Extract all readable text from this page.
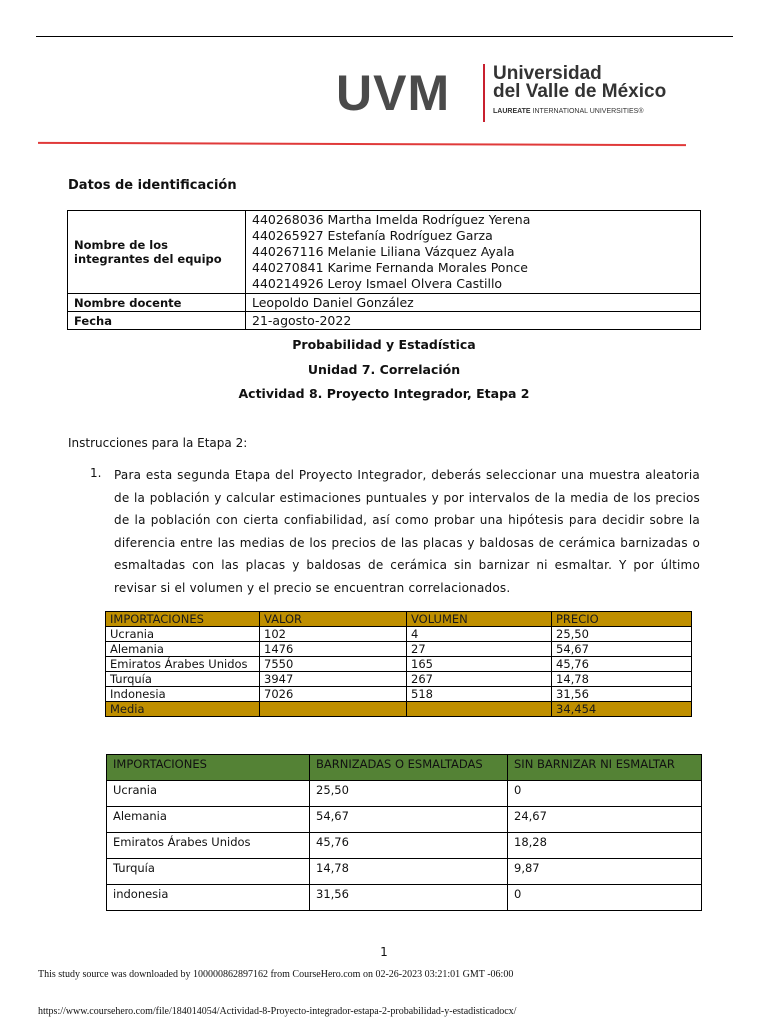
UVM Universidad
del Valle de México
LAUREATE INTERNATIONAL UNIVERSITIES®
Datos de identificación
Nombre de los integrantes del equipo	440268036 Martha Imelda Rodríguez Yerena
440265927 Estefanía Rodríguez Garza
440267116 Melanie Liliana Vázquez Ayala
440270841 Karime Fernanda Morales Ponce
440214926 Leroy Ismael Olvera Castillo

Nombre docente	Leopoldo Daniel González
Fecha	21-agosto-2022
Probabilidad y Estadística
Unidad 7. Correlación
Actividad 8. Proyecto Integrador, Etapa 2
Instrucciones para la Etapa 2:
1. Para esta segunda Etapa del Proyecto Integrador, deberás seleccionar una muestra aleatoria de la población y calcular estimaciones puntuales y por intervalos de la media de los precios de la población con cierta confiabilidad, así como probar una hipótesis para decidir sobre la diferencia entre las medias de los precios de las placas y baldosas de cerámica barnizadas o esmaltadas con las placas y baldosas de cerámica sin barnizar ni esmaltar. Y por último revisar si el volumen y el precio se encuentran correlacionados.
IMPORTACIONES	VALOR	VOLUMEN	PRECIO
Ucrania	102	4	25,50
Alemania	1476	27	54,67
Emiratos Árabes Unidos	7550	165	45,76
Turquía	3947	267	14,78
Indonesia	7026	518	31,56
Media			34,454
IMPORTACIONES	BARNIZADAS O ESMALTADAS	SIN BARNIZAR NI ESMALTAR
Ucrania	25,50	0
Alemania	54,67	24,67
Emiratos Árabes Unidos	45,76	18,28
Turquía	14,78	9,87
indonesia	31,56	0
1
This study source was downloaded by 100000862897162 from CourseHero.com on 02-26-2023 03:21:01 GMT -06:00
https://www.coursehero.com/file/184014054/Actividad-8-Proyecto-integrador-estapa-2-probabilidad-y-estadisticadocx/
